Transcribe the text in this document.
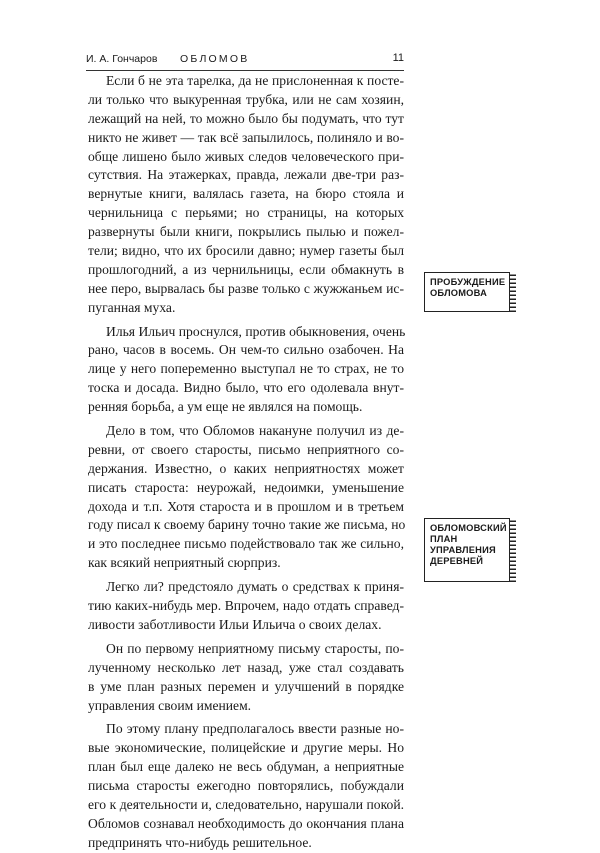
И. А. Гончаров ОБЛОМОВ	11
Если б не эта тарелка, да не прислоненная к посте-
ли только что выкуренная трубка, или не сам хозяин,
лежащий на ней, то можно было бы подумать, что тут
никто не живет — так всё запылилось, полиняло и во-
обще лишено было живых следов человеческого при-
сутствия. На этажерках, правда, лежали две-три раз-
вернутые книги, валялась газета, на бюро стояла и
чернильница с перьями; но страницы, на которых
развернуты были книги, покрылись пылью и пожел-
тели; видно, что их бросили давно; нумер газеты был
прошлогодний, а из чернильницы, если обмакнуть в
нее перо, вырвалась бы разве только с жужжаньем ис-
пуганная муха.
Илья Ильич проснулся, против обыкновения, очень
рано, часов в восемь. Он чем-то сильно озабочен. На
лице у него попеременно выступал не то страх, не то
тоска и досада. Видно было, что его одолевала внут-
ренняя борьба, а ум еще не являлся на помощь.
Дело в том, что Обломов накануне получил из де-
ревни, от своего старосты, письмо неприятного со-
держания. Известно, о каких неприятностях может
писать староста: неурожай, недоимки, уменьшение
дохода и т.п. Хотя староста и в прошлом и в третьем
году писал к своему барину точно такие же письма, но
и это последнее письмо подействовало так же сильно,
как всякий неприятный сюрприз.
Легко ли? предстояло думать о средствах к приня-
тию каких-нибудь мер. Впрочем, надо отдать справед-
ливости заботливости Ильи Ильича о своих делах.
Он по первому неприятному письму старосты, по-
лученному несколько лет назад, уже стал создавать
в уме план разных перемен и улучшений в порядке
управления своим имением.
По этому плану предполагалось ввести разные но-
вые экономические, полицейские и другие меры. Но
план был еще далеко не весь обдуман, а неприятные
письма старосты ежегодно повторялись, побуждали
его к деятельности и, следовательно, нарушали покой.
Обломов сознавал необходимость до окончания плана
предпринять что-нибудь решительное.
ПРОБУЖДЕНИЕ
ОБЛОМОВА
ОБЛОМОВСКИЙ
ПЛАН
УПРАВЛЕНИЯ
ДЕРЕВНЕЙ
